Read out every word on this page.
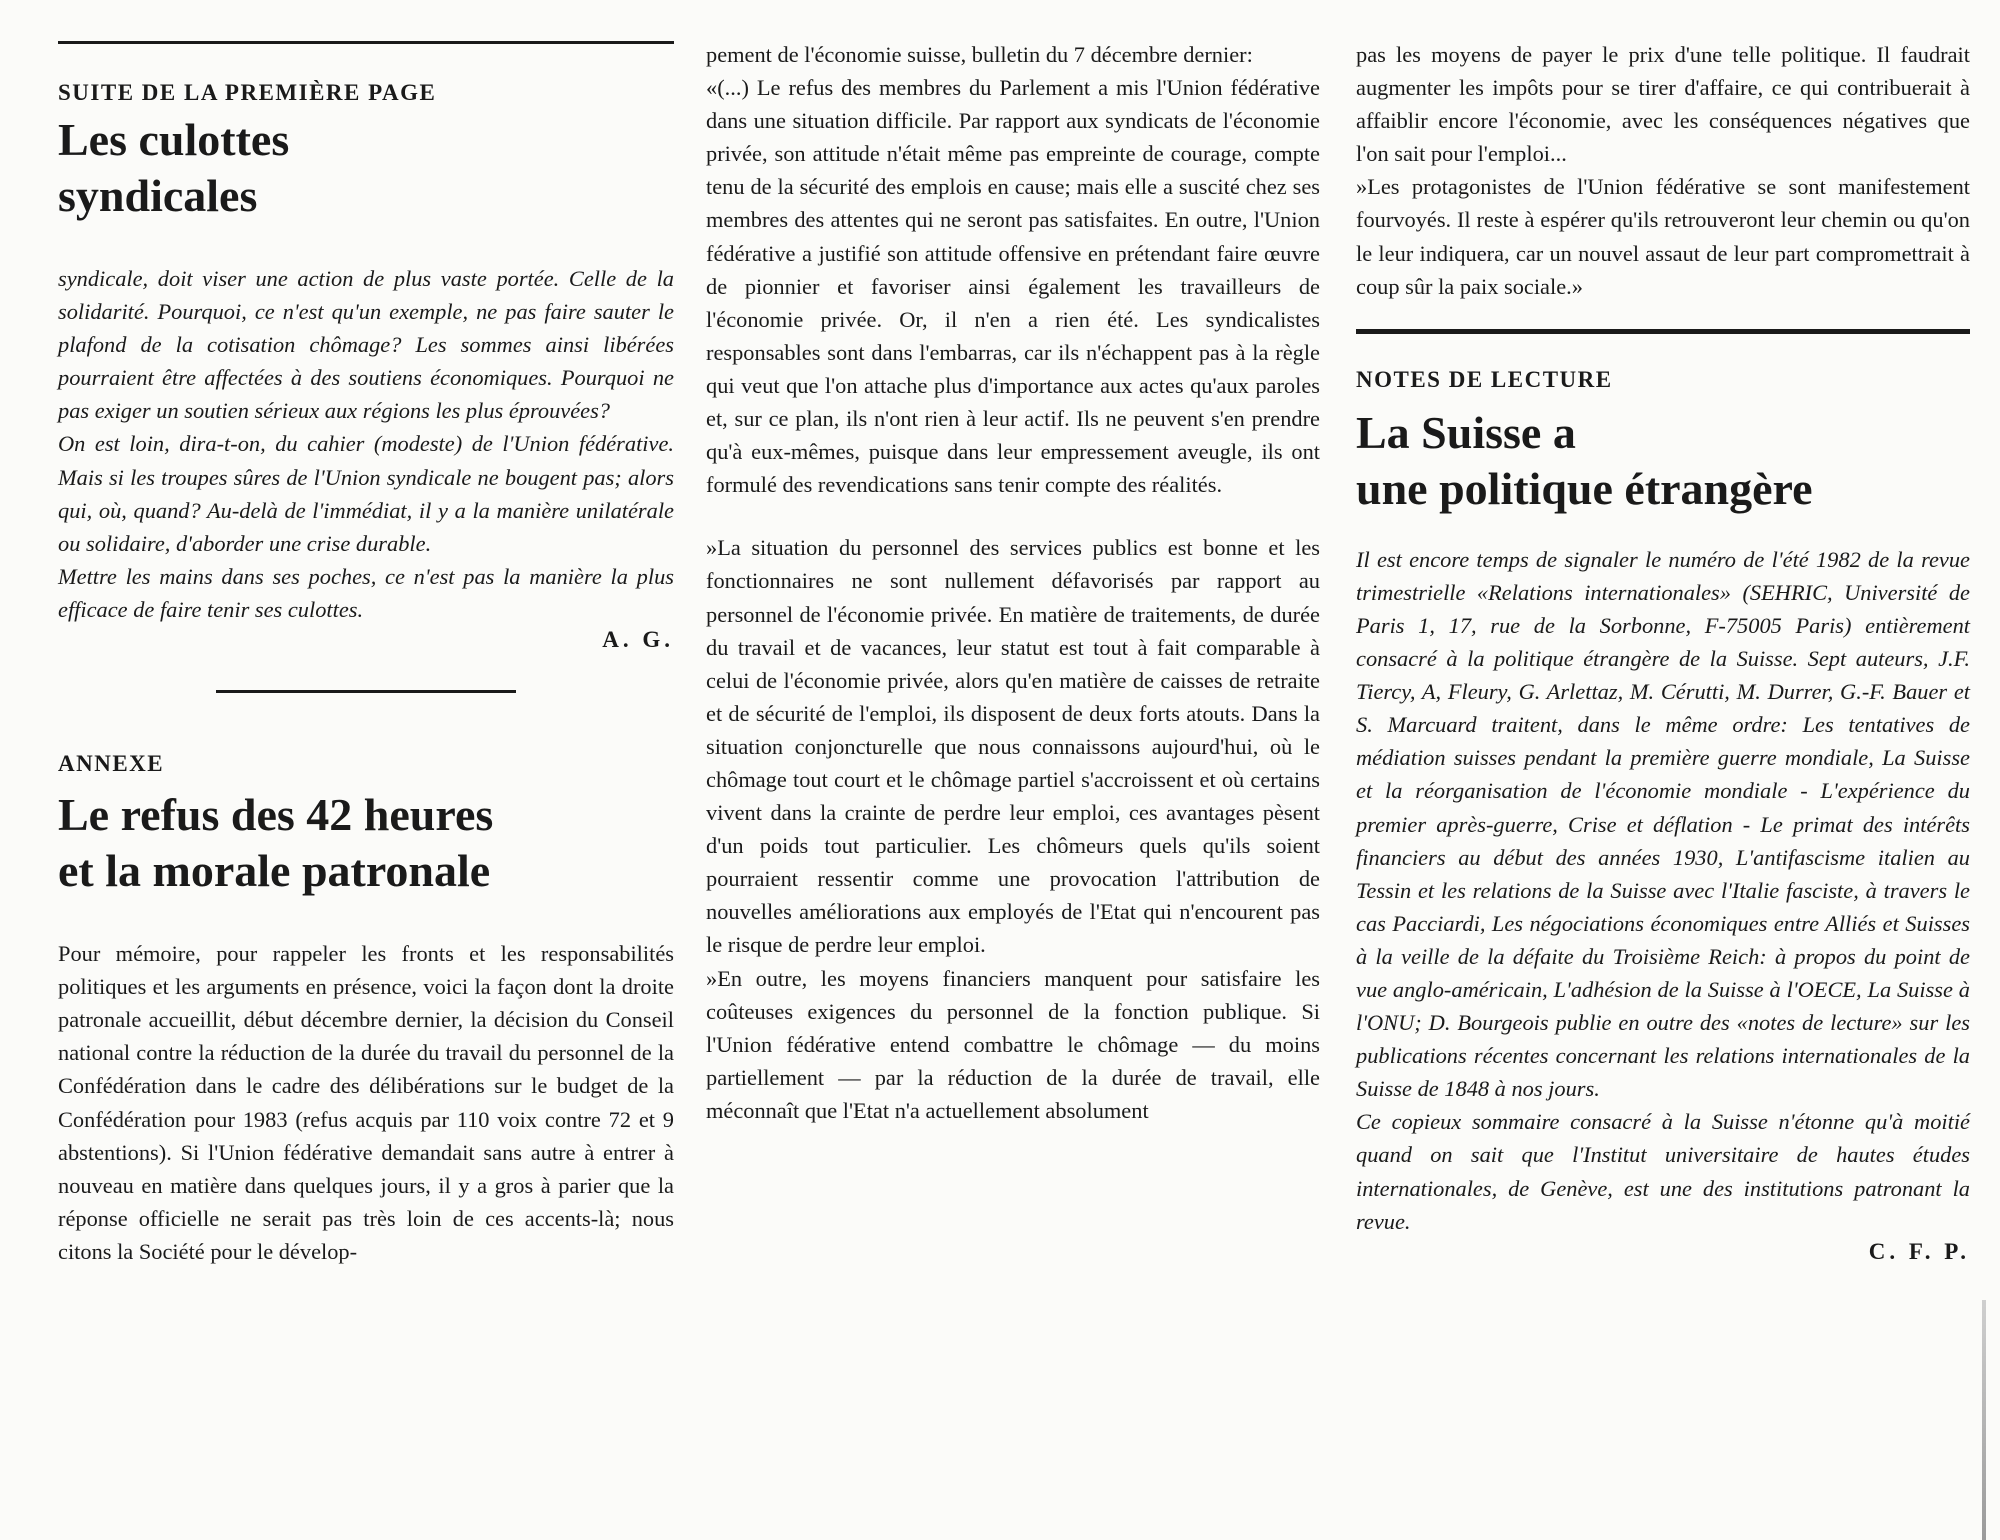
SUITE DE LA PREMIÈRE PAGE

Les culottes
syndicales

syndicale, doit viser une action de plus vaste portée. Celle de la solidarité. Pourquoi, ce n'est qu'un exemple, ne pas faire sauter le plafond de la cotisation chômage? Les sommes ainsi libérées pourraient être affectées à des soutiens économiques. Pourquoi ne pas exiger un soutien sérieux aux régions les plus éprouvées?

On est loin, dira-t-on, du cahier (modeste) de l'Union fédérative. Mais si les troupes sûres de l'Union syndicale ne bougent pas; alors qui, où, quand? Au-delà de l'immédiat, il y a la manière unilatérale ou solidaire, d'aborder une crise durable.

Mettre les mains dans ses poches, ce n'est pas la manière la plus efficace de faire tenir ses culottes.

A. G.

ANNEXE

Le refus des 42 heures
et la morale patronale

Pour mémoire, pour rappeler les fronts et les responsabilités politiques et les arguments en présence, voici la façon dont la droite patronale accueillit, début décembre dernier, la décision du Conseil national contre la réduction de la durée du travail du personnel de la Confédération dans le cadre des délibérations sur le budget de la Confédération pour 1983 (refus acquis par 110 voix contre 72 et 9 abstentions). Si l'Union fédérative demandait sans autre à entrer à nouveau en matière dans quelques jours, il y a gros à parier que la réponse officielle ne serait pas très loin de ces accents-là; nous citons la Société pour le dévelop-

pement de l'économie suisse, bulletin du 7 décembre dernier:

«(...) Le refus des membres du Parlement a mis l'Union fédérative dans une situation difficile. Par rapport aux syndicats de l'économie privée, son attitude n'était même pas empreinte de courage, compte tenu de la sécurité des emplois en cause; mais elle a suscité chez ses membres des attentes qui ne seront pas satisfaites. En outre, l'Union fédérative a justifié son attitude offensive en prétendant faire œuvre de pionnier et favoriser ainsi également les travailleurs de l'économie privée. Or, il n'en a rien été. Les syndicalistes responsables sont dans l'embarras, car ils n'échappent pas à la règle qui veut que l'on attache plus d'importance aux actes qu'aux paroles et, sur ce plan, ils n'ont rien à leur actif. Ils ne peuvent s'en prendre qu'à eux-mêmes, puisque dans leur empressement aveugle, ils ont formulé des revendications sans tenir compte des réalités.

»La situation du personnel des services publics est bonne et les fonctionnaires ne sont nullement défavorisés par rapport au personnel de l'économie privée. En matière de traitements, de durée du travail et de vacances, leur statut est tout à fait comparable à celui de l'économie privée, alors qu'en matière de caisses de retraite et de sécurité de l'emploi, ils disposent de deux forts atouts. Dans la situation conjoncturelle que nous connaissons aujourd'hui, où le chômage tout court et le chômage partiel s'accroissent et où certains vivent dans la crainte de perdre leur emploi, ces avantages pèsent d'un poids tout particulier. Les chômeurs quels qu'ils soient pourraient ressentir comme une provocation l'attribution de nouvelles améliorations aux employés de l'Etat qui n'encourent pas le risque de perdre leur emploi.

»En outre, les moyens financiers manquent pour satisfaire les coûteuses exigences du personnel de la fonction publique. Si l'Union fédérative entend combattre le chômage — du moins partiellement — par la réduction de la durée de travail, elle méconnaît que l'Etat n'a actuellement absolument

pas les moyens de payer le prix d'une telle politique. Il faudrait augmenter les impôts pour se tirer d'affaire, ce qui contribuerait à affaiblir encore l'économie, avec les conséquences négatives que l'on sait pour l'emploi...

»Les protagonistes de l'Union fédérative se sont manifestement fourvoyés. Il reste à espérer qu'ils retrouveront leur chemin ou qu'on le leur indiquera, car un nouvel assaut de leur part compromettrait à coup sûr la paix sociale.»

NOTES DE LECTURE

La Suisse a
une politique étrangère

Il est encore temps de signaler le numéro de l'été 1982 de la revue trimestrielle «Relations internationales» (SEHRIC, Université de Paris 1, 17, rue de la Sorbonne, F-75005 Paris) entièrement consacré à la politique étrangère de la Suisse. Sept auteurs, J.F. Tiercy, A, Fleury, G. Arlettaz, M. Cérutti, M. Durrer, G.-F. Bauer et S. Marcuard traitent, dans le même ordre: Les tentatives de médiation suisses pendant la première guerre mondiale, La Suisse et la réorganisation de l'économie mondiale - L'expérience du premier après-guerre, Crise et déflation - Le primat des intérêts financiers au début des années 1930, L'antifascisme italien au Tessin et les relations de la Suisse avec l'Italie fasciste, à travers le cas Pacciardi, Les négociations économiques entre Alliés et Suisses à la veille de la défaite du Troisième Reich: à propos du point de vue anglo-américain, L'adhésion de la Suisse à l'OECE, La Suisse à l'ONU; D. Bourgeois publie en outre des «notes de lecture» sur les publications récentes concernant les relations internationales de la Suisse de 1848 à nos jours.

Ce copieux sommaire consacré à la Suisse n'étonne qu'à moitié quand on sait que l'Institut universitaire de hautes études internationales, de Genève, est une des institutions patronant la revue.

C. F. P.
